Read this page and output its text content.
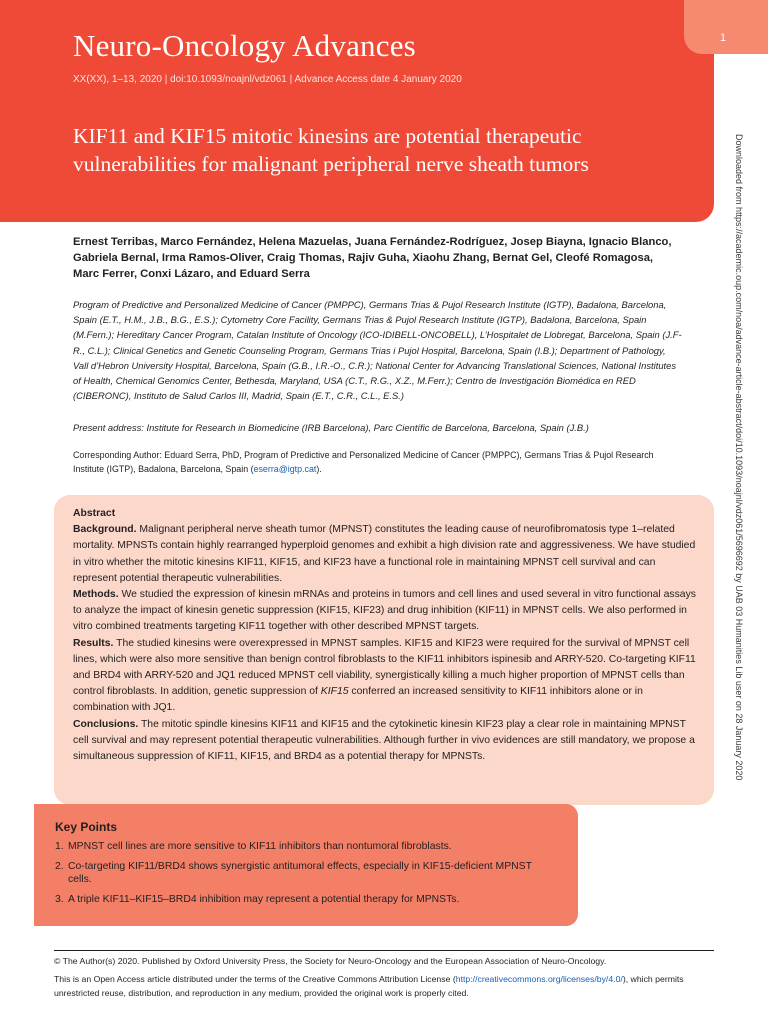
Neuro-Oncology Advances
XX(XX), 1–13, 2020 | doi:10.1093/noajnl/vdz061 | Advance Access date 4 January 2020
KIF11 and KIF15 mitotic kinesins are potential therapeutic vulnerabilities for malignant peripheral nerve sheath tumors
1
Downloaded from https://academic.oup.com/noa/advance-article-abstract/doi/10.1093/noajnl/vdz061/5696692 by UAB 03 Humanities Lib user on 28 January 2020

Ernest Terribas, Marco Fernández, Helena Mazuelas, Juana Fernández-Rodríguez, Josep Biayna, Ignacio Blanco, Gabriela Bernal, Irma Ramos-Oliver, Craig Thomas, Rajiv Guha, Xiaohu Zhang, Bernat Gel, Cleofé Romagosa, Marc Ferrer, Conxi Lázaro, and Eduard Serra

Program of Predictive and Personalized Medicine of Cancer (PMPPC), Germans Trias & Pujol Research Institute (IGTP), Badalona, Barcelona, Spain (E.T., H.M., J.B., B.G., E.S.); Cytometry Core Facility, Germans Trias & Pujol Research Institute (IGTP), Badalona, Barcelona, Spain (M.Fern.); Hereditary Cancer Program, Catalan Institute of Oncology (ICO-IDIBELL-ONCOBELL), L’Hospitalet de Llobregat, Barcelona, Spain (J.F-R., C.L.); Clinical Genetics and Genetic Counseling Program, Germans Trias i Pujol Hospital, Barcelona, Spain (I.B.); Department of Pathology, Vall d’Hebron University Hospital, Barcelona, Spain (G.B., I.R.-O., C.R.); National Center for Advancing Translational Sciences, National Institutes of Health, Chemical Genomics Center, Bethesda, Maryland, USA (C.T., R.G., X.Z., M.Ferr.); Centro de Investigación Biomédica en RED (CIBERONC), Instituto de Salud Carlos III, Madrid, Spain (E.T., C.R., C.L., E.S.)

Present address: Institute for Research in Biomedicine (IRB Barcelona), Parc Científic de Barcelona, Barcelona, Spain (J.B.)

Corresponding Author: Eduard Serra, PhD, Program of Predictive and Personalized Medicine of Cancer (PMPPC), Germans Trias & Pujol Research Institute (IGTP), Badalona, Barcelona, Spain (eserra@igtp.cat).

Abstract

Background. Malignant peripheral nerve sheath tumor (MPNST) constitutes the leading cause of neurofibromatosis type 1–related mortality. MPNSTs contain highly rearranged hyperploid genomes and exhibit a high division rate and aggressiveness. We have studied in vitro whether the mitotic kinesins KIF11, KIF15, and KIF23 have a functional role in maintaining MPNST cell survival and can represent potential therapeutic vulnerabilities.

Methods. We studied the expression of kinesin mRNAs and proteins in tumors and cell lines and used several in vitro functional assays to analyze the impact of kinesin genetic suppression (KIF15, KIF23) and drug inhibition (KIF11) in MPNST cells. We also performed in vitro combined treatments targeting KIF11 together with other described MPNST targets.

Results. The studied kinesins were overexpressed in MPNST samples. KIF15 and KIF23 were required for the survival of MPNST cell lines, which were also more sensitive than benign control fibroblasts to the KIF11 inhibitors ispinesib and ARRY-520. Co-targeting KIF11 and BRD4 with ARRY-520 and JQ1 reduced MPNST cell viability, synergistically killing a much higher proportion of MPNST cells than control fibroblasts. In addition, genetic suppression of KIF15 conferred an increased sensitivity to KIF11 inhibitors alone or in combination with JQ1.

Conclusions. The mitotic spindle kinesins KIF11 and KIF15 and the cytokinetic kinesin KIF23 play a clear role in maintaining MPNST cell survival and may represent potential therapeutic vulnerabilities. Although further in vivo evidences are still mandatory, we propose a simultaneous suppression of KIF11, KIF15, and BRD4 as a potential therapy for MPNSTs.

Key Points
1. MPNST cell lines are more sensitive to KIF11 inhibitors than nontumoral fibroblasts.
2. Co-targeting KIF11/BRD4 shows synergistic antitumoral effects, especially in KIF15-deficient MPNST cells.
3. A triple KIF11–KIF15–BRD4 inhibition may represent a potential therapy for MPNSTs.

© The Author(s) 2020. Published by Oxford University Press, the Society for Neuro-Oncology and the European Association of Neuro-Oncology.

This is an Open Access article distributed under the terms of the Creative Commons Attribution License (http://creativecommons.org/licenses/by/4.0/), which permits unrestricted reuse, distribution, and reproduction in any medium, provided the original work is properly cited.
